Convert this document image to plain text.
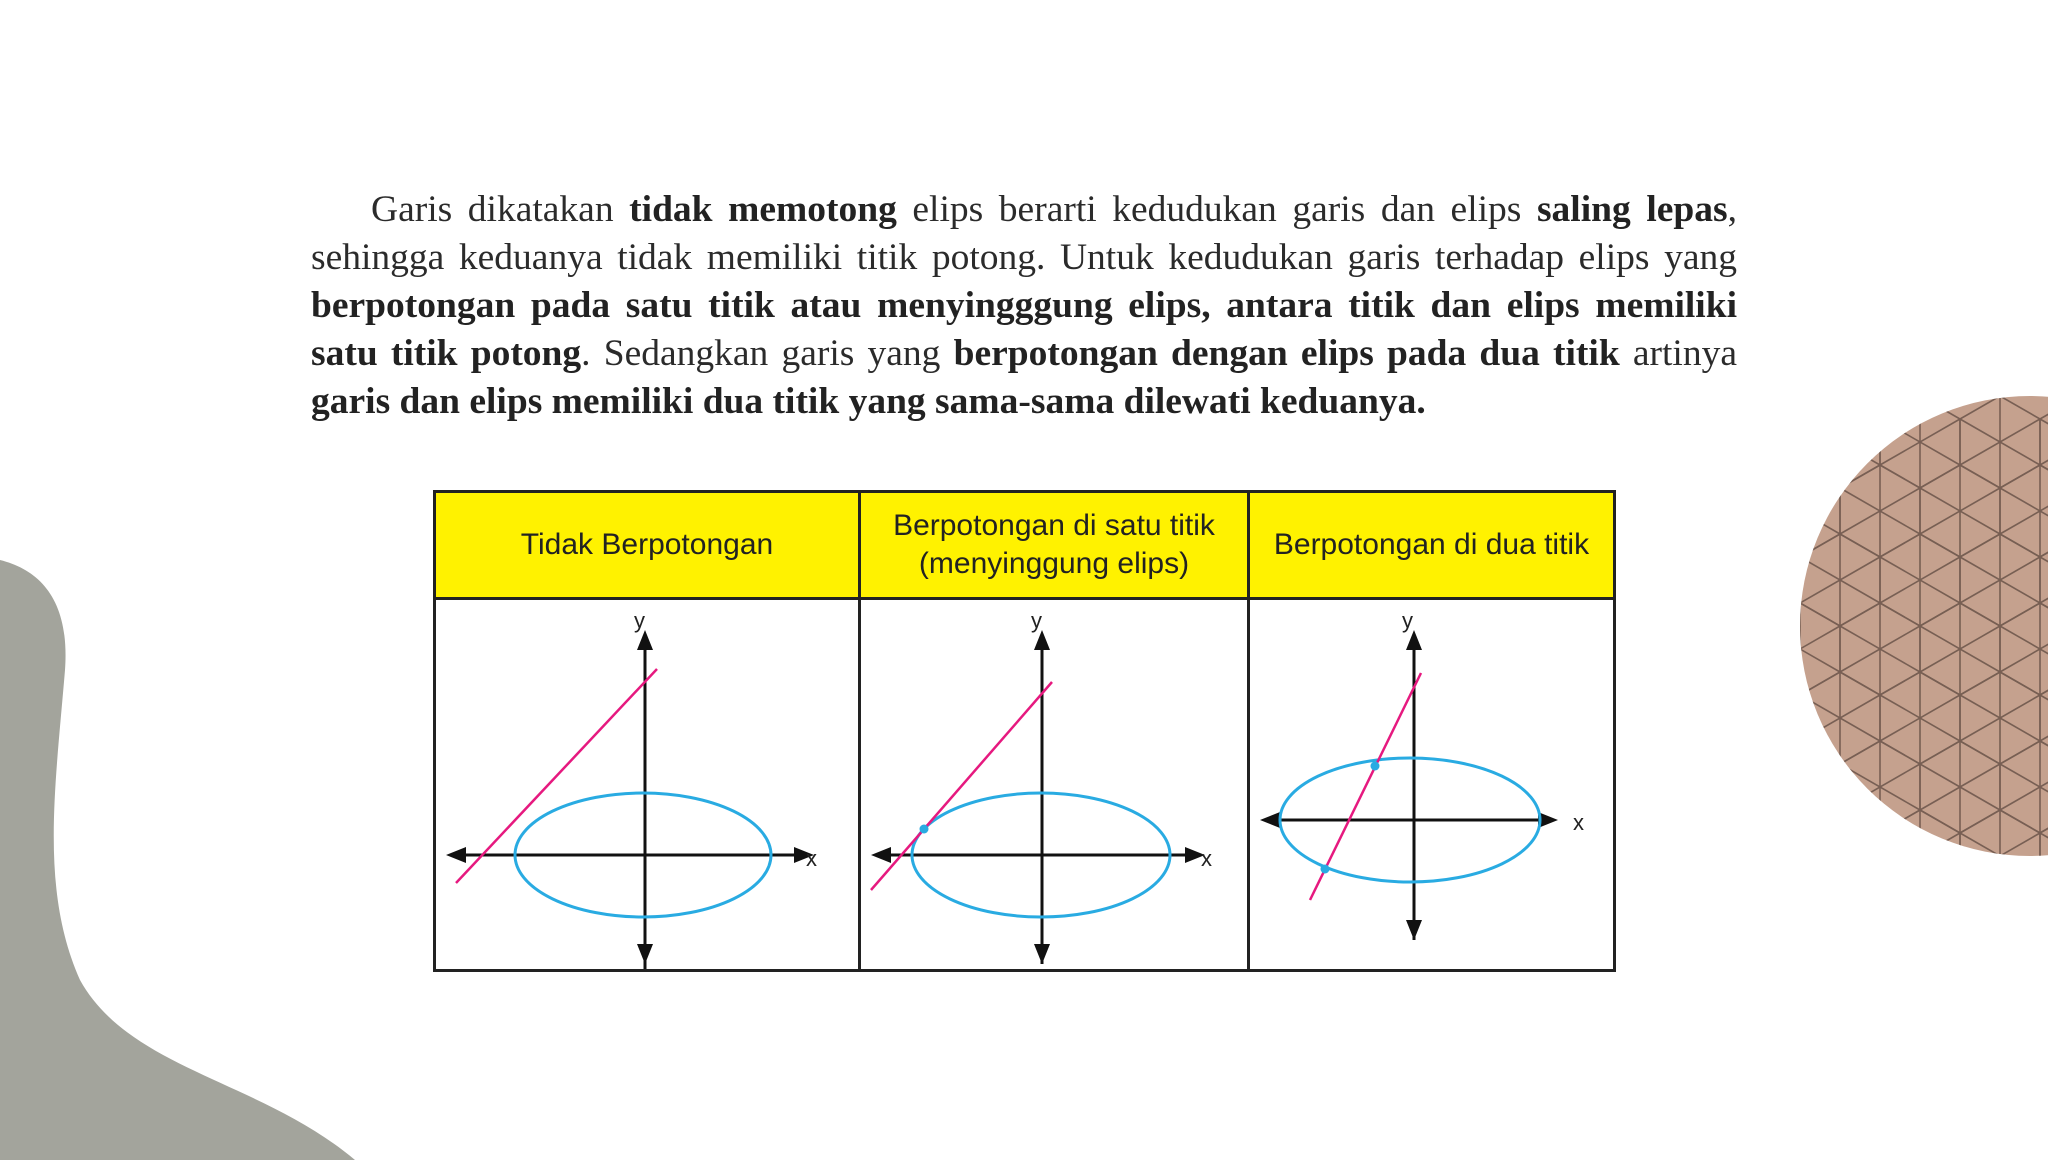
Garis dikatakan tidak memotong elips berarti kedudukan garis dan elips saling lepas, sehingga keduanya tidak memiliki titik potong. Untuk kedudukan garis terhadap elips yang berpotongan pada satu titik atau menyingggung elips, antara titik dan elips memiliki satu titik potong. Sedangkan garis yang berpotongan dengan elips pada dua titik artinya garis dan elips memiliki dua titik yang sama-sama dilewati keduanya.

Tidak Berpotongan
Berpotongan di satu titik
(menyinggung elips)
Berpotongan di dua titik
y
x
y
x
y
x
